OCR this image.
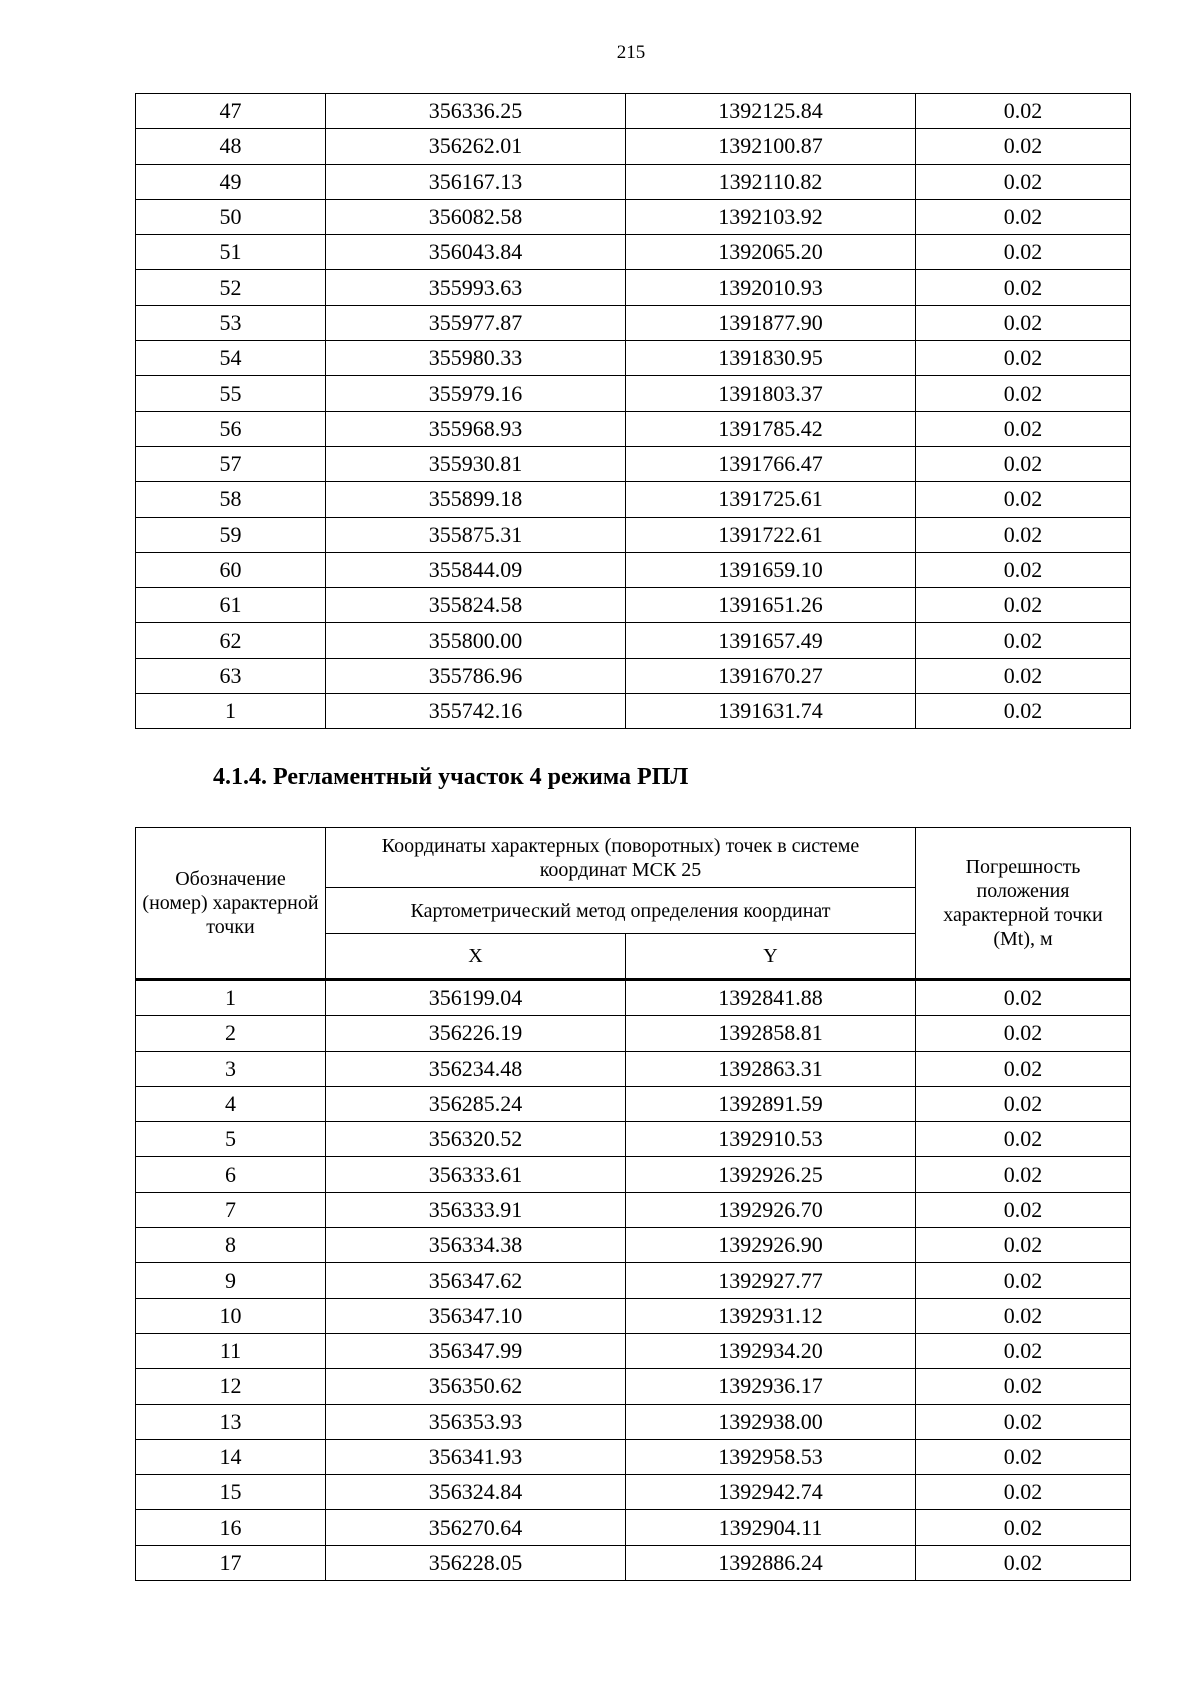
215
47	356336.25	1392125.84	0.02
48	356262.01	1392100.87	0.02
49	356167.13	1392110.82	0.02
50	356082.58	1392103.92	0.02
51	356043.84	1392065.20	0.02
52	355993.63	1392010.93	0.02
53	355977.87	1391877.90	0.02
54	355980.33	1391830.95	0.02
55	355979.16	1391803.37	0.02
56	355968.93	1391785.42	0.02
57	355930.81	1391766.47	0.02
58	355899.18	1391725.61	0.02
59	355875.31	1391722.61	0.02
60	355844.09	1391659.10	0.02
61	355824.58	1391651.26	0.02
62	355800.00	1391657.49	0.02
63	355786.96	1391670.27	0.02
1	355742.16	1391631.74	0.02
4.1.4. Регламентный участок 4 режима РПЛ
Обозначение (номер) характерной точки	Координаты характерных (поворотных) точек в системе координат МСК 25		Погрешность положения характерной точки (Mt), м
	Картометрический метод определения координат		
	X	Y	
1	356199.04	1392841.88	0.02
2	356226.19	1392858.81	0.02
3	356234.48	1392863.31	0.02
4	356285.24	1392891.59	0.02
5	356320.52	1392910.53	0.02
6	356333.61	1392926.25	0.02
7	356333.91	1392926.70	0.02
8	356334.38	1392926.90	0.02
9	356347.62	1392927.77	0.02
10	356347.10	1392931.12	0.02
11	356347.99	1392934.20	0.02
12	356350.62	1392936.17	0.02
13	356353.93	1392938.00	0.02
14	356341.93	1392958.53	0.02
15	356324.84	1392942.74	0.02
16	356270.64	1392904.11	0.02
17	356228.05	1392886.24	0.02
